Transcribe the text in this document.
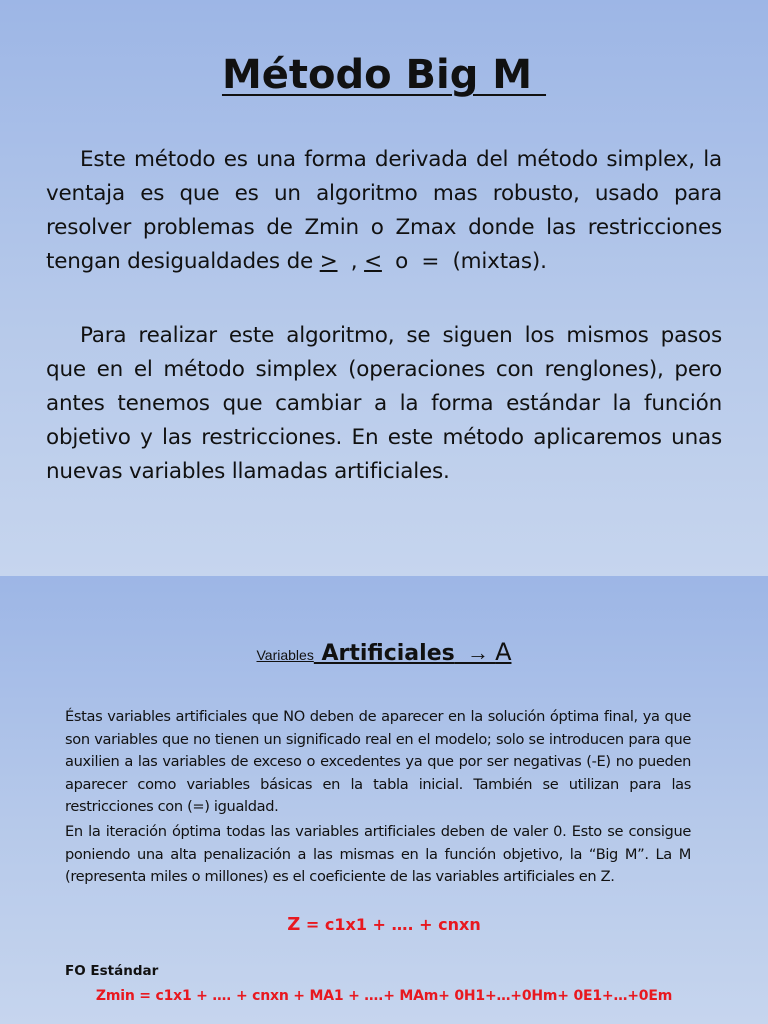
Método Big M

Este método es una forma derivada del método simplex, la ventaja es que es un algoritmo mas robusto, usado para resolver problemas de Zmin o Zmax donde las restricciones tengan desigualdades de >  , <  o  =  (mixtas).

Para realizar este algoritmo, se siguen los mismos pasos que en el método simplex (operaciones con renglones), pero antes tenemos que cambiar a la forma estándar la función objetivo y las restricciones. En este método aplicaremos unas nuevas variables llamadas artificiales.

Variables Artificiales  → A

Éstas variables artificiales que NO deben de aparecer en la solución óptima final, ya que son variables que no tienen un significado real en el modelo; solo se introducen para que auxilien a las variables de exceso o excedentes ya que por ser negativas (-E) no pueden aparecer como variables básicas en la tabla inicial. También se utilizan para las restricciones con (=) igualdad.

En la iteración óptima todas las variables artificiales deben de valer 0. Esto se consigue poniendo una alta penalización a las mismas en la función objetivo, la “Big M”. La M (representa miles o millones) es el coeficiente de las variables artificiales en Z.

Z = c1x1 + …. + cnxn
FO Estándar
Zmin = c1x1 + …. + cnxn + MA1 + ….+ MAm+ 0H1+…+0Hm+ 0E1+…+0Em
